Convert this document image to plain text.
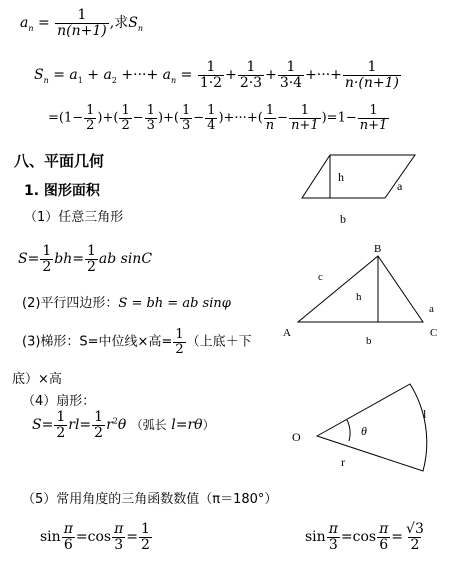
$a_n = \frac{1}{n(n+1)}$ ,求$S_n$
$S_n = a_1 + a_2$ +···+ $a_n = \frac{1}{1\cdot 2} + \frac{1}{2\cdot 3} + \frac{1}{3\cdot 4}$ +···+ $\frac{1}{n\cdot(n+1)}$
$=(1- \frac{1}{2}$ )+( $\frac{1}{2} - \frac{1}{3}$ )+( $\frac{1}{3} - \frac{1}{4}$ )+···+( $\frac{1}{n} - \frac{1}{n+1} )=1- \frac{1}{n+1}$
八、平面几何
1. 图形面积
（1）任意三角形
h
a
b
$S= \frac{1}{2} bh= \frac{1}{2}$ ab sinC
B
A	C
c
h
a
b
(2)平行四边形：S = bh = ab sinφ
(3)梯形：S=中位线×高= $\frac{1}{2}$ （上底＋下
底）×高
（4）扇形：
$S= \frac{1}{2} rl= \frac{1}{2} r^2\theta$ （弧长 l=rθ）
O	θ
l
r
（5）常用角度的三角函数数值（π＝180°）
$\sin \frac{\pi}{6} =\cos \frac{\pi}{3} = \frac{1}{2}$	$\sin \frac{\pi}{3} =\cos \frac{\pi}{6} = \frac{√3}{2}$
